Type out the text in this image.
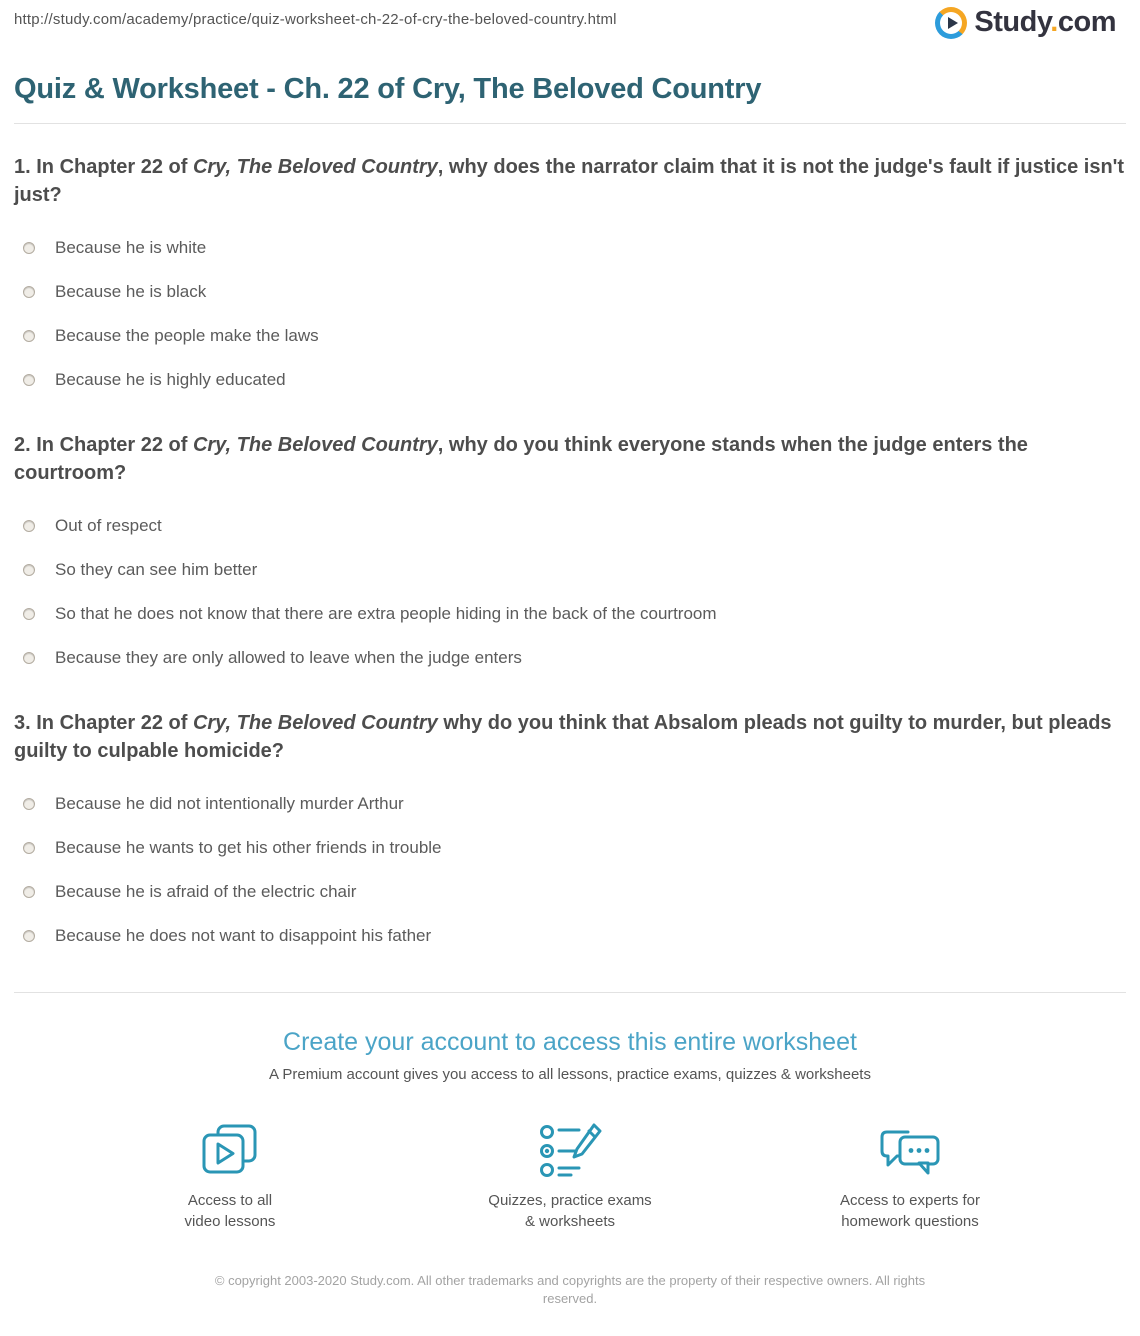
http://study.com/academy/practice/quiz-worksheet-ch-22-of-cry-the-beloved-country.html	Study.com
Quiz & Worksheet - Ch. 22 of Cry, The Beloved Country
1. In Chapter 22 of Cry, The Beloved Country, why does the narrator claim that it is not the judge's fault if justice isn't just?
Because he is white
Because he is black
Because the people make the laws
Because he is highly educated
2. In Chapter 22 of Cry, The Beloved Country, why do you think everyone stands when the judge enters the courtroom?
Out of respect
So they can see him better
So that he does not know that there are extra people hiding in the back of the courtroom
Because they are only allowed to leave when the judge enters
3. In Chapter 22 of Cry, The Beloved Country why do you think that Absalom pleads not guilty to murder, but pleads guilty to culpable homicide?
Because he did not intentionally murder Arthur
Because he wants to get his other friends in trouble
Because he is afraid of the electric chair
Because he does not want to disappoint his father
Create your account to access this entire worksheet
A Premium account gives you access to all lessons, practice exams, quizzes & worksheets
Access to all
video lessons
Quizzes, practice exams
& worksheets
Access to experts for
homework questions
© copyright 2003-2020 Study.com. All other trademarks and copyrights are the property of their respective owners. All rights reserved.
